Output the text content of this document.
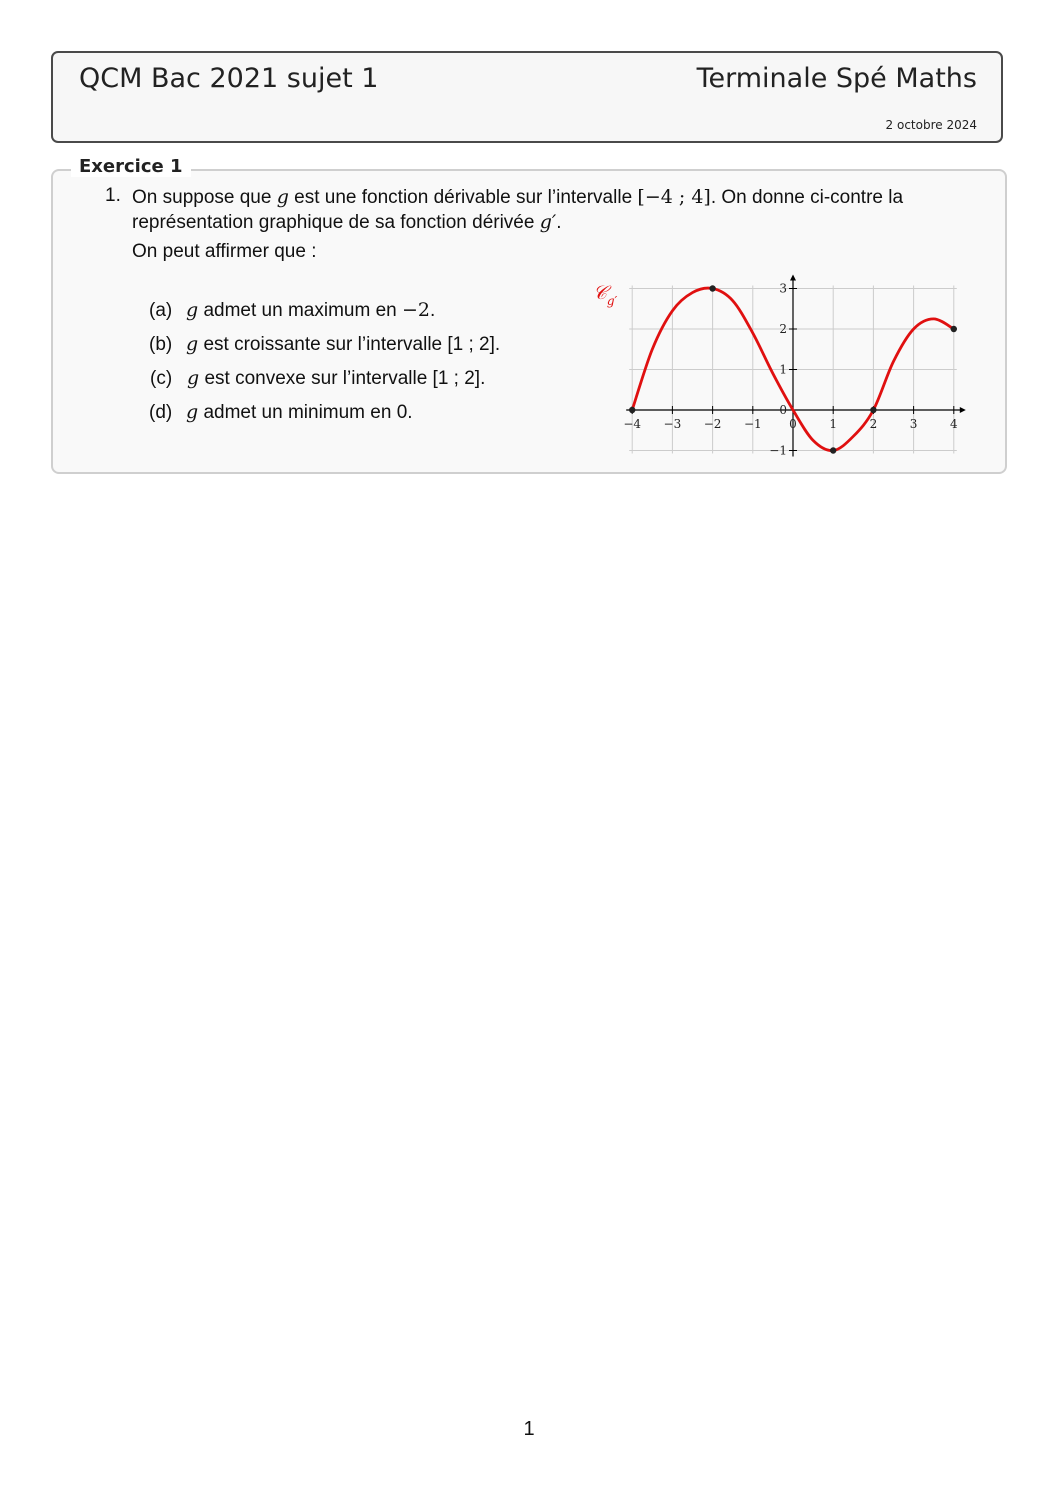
QCM Bac 2021 sujet 1	Terminale Spé Maths
2 octobre 2024
Exercice 1
1. On suppose que g est une fonction dérivable sur l’intervalle [−4 ; 4]. On donne ci-contre la représentation graphique de sa fonction dérivée g′.
On peut affirmer que :
(a) g admet un maximum en −2.
(b) g est croissante sur l’intervalle [1 ; 2].
(c) g est convexe sur l’intervalle [1 ; 2].
(d) g admet un minimum en 0.
−4 −3 −2 −1 0	1	2	3	4
−1
0
1
2
3
𝒞$_{g'}$
1
